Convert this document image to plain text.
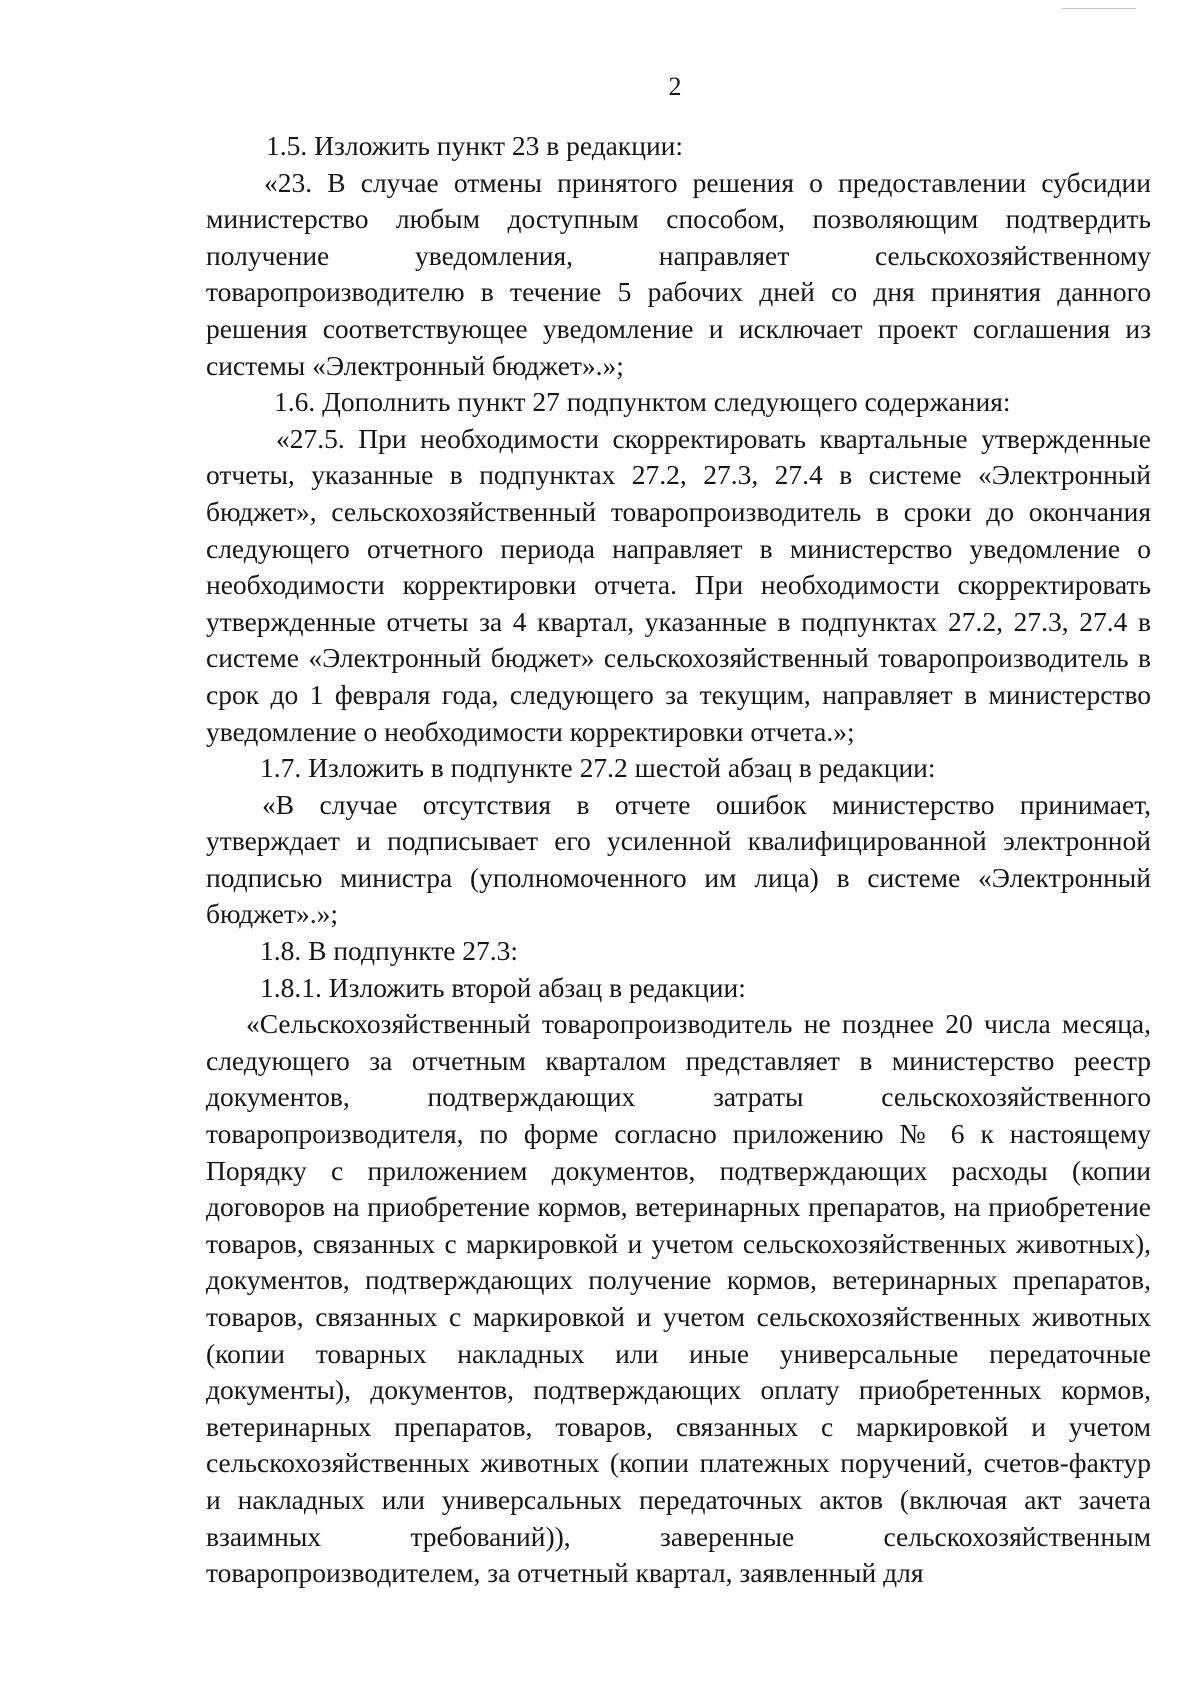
2

1.5. Изложить пункт 23 в редакции:

«23. В случае отмены принятого решения о предоставлении субсидии министерство любым доступным способом, позволяющим подтвердить получение уведомления, направляет сельскохозяйственному товаропроизводителю в течение 5 рабочих дней со дня принятия данного решения соответствующее уведомление и исключает проект соглашения из системы «Электронный бюджет».»;

1.6. Дополнить пункт 27 подпунктом следующего содержания:

«27.5. При необходимости скорректировать квартальные утвержденные отчеты, указанные в подпунктах 27.2, 27.3, 27.4 в системе «Электронный бюджет», сельскохозяйственный товаропроизводитель в сроки до окончания следующего отчетного периода направляет в министерство уведомление о необходимости корректировки отчета. При необходимости скорректировать утвержденные отчеты за 4 квартал, указанные в подпунктах 27.2, 27.3, 27.4 в системе «Электронный бюджет» сельскохозяйственный товаропроизводитель в срок до 1 февраля года, следующего за текущим, направляет в министерство уведомление о необходимости корректировки отчета.»;

1.7. Изложить в подпункте 27.2 шестой абзац в редакции:

«В случае отсутствия в отчете ошибок министерство принимает, утверждает и подписывает его усиленной квалифицированной электронной подписью министра (уполномоченного им лица) в системе «Электронный бюджет».»;

1.8. В подпункте 27.3:

1.8.1. Изложить второй абзац в редакции:

«Сельскохозяйственный товаропроизводитель не позднее 20 числа месяца, следующего за отчетным кварталом представляет в министерство реестр документов, подтверждающих затраты сельскохозяйственного товаропроизводителя, по форме согласно приложению № 6 к настоящему Порядку с приложением документов, подтверждающих расходы (копии договоров на приобретение кормов, ветеринарных препаратов, на приобретение товаров, связанных с маркировкой и учетом сельскохозяйственных животных), документов, подтверждающих получение кормов, ветеринарных препаратов, товаров, связанных с маркировкой и учетом сельскохозяйственных животных (копии товарных накладных или иные универсальные передаточные документы), документов, подтверждающих оплату приобретенных кормов, ветеринарных препаратов, товаров, связанных с маркировкой и учетом сельскохозяйственных животных (копии платежных поручений, счетов-фактур и накладных или универсальных передаточных актов (включая акт зачета взаимных требований)), заверенные сельскохозяйственным товаропроизводителем, за отчетный квартал, заявленный для
